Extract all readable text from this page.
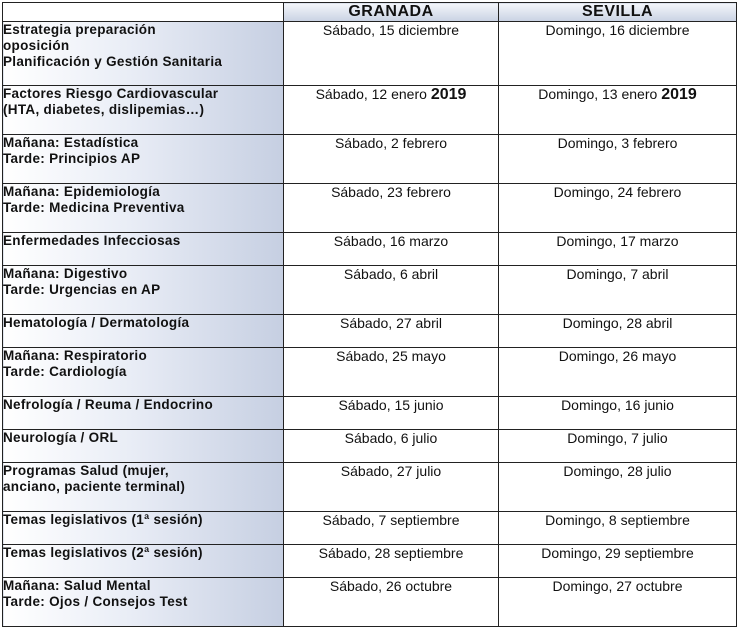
	GRANADA	SEVILLA

Estrategia preparación
oposición
Planificación y Gestión Sanitaria	Sábado, 15 diciembre	Domingo, 16 diciembre

Factores Riesgo Cardiovascular
(HTA, diabetes, dislipemias…)	Sábado, 12 enero 2019	Domingo, 13 enero 2019

Mañana: Estadística
Tarde: Principios AP	Sábado, 2 febrero	Domingo, 3 febrero

Mañana: Epidemiología
Tarde: Medicina Preventiva	Sábado, 23 febrero	Domingo, 24 febrero

Enfermedades Infecciosas	Sábado, 16 marzo	Domingo, 17 marzo

Mañana: Digestivo
Tarde: Urgencias en AP	Sábado, 6 abril	Domingo, 7 abril

Hematología / Dermatología	Sábado, 27 abril	Domingo, 28 abril

Mañana: Respiratorio
Tarde: Cardiología	Sábado, 25 mayo	Domingo, 26 mayo

Nefrología / Reuma / Endocrino	Sábado, 15 junio	Domingo, 16 junio

Neurología / ORL	Sábado, 6 julio	Domingo, 7 julio

Programas Salud (mujer,
anciano, paciente terminal)	Sábado, 27 julio	Domingo, 28 julio

Temas legislativos (1ª sesión)	Sábado, 7 septiembre	Domingo, 8 septiembre

Temas legislativos (2ª sesión)	Sábado, 28 septiembre	Domingo, 29 septiembre

Mañana: Salud Mental
Tarde: Ojos / Consejos Test	Sábado, 26 octubre	Domingo, 27 octubre
